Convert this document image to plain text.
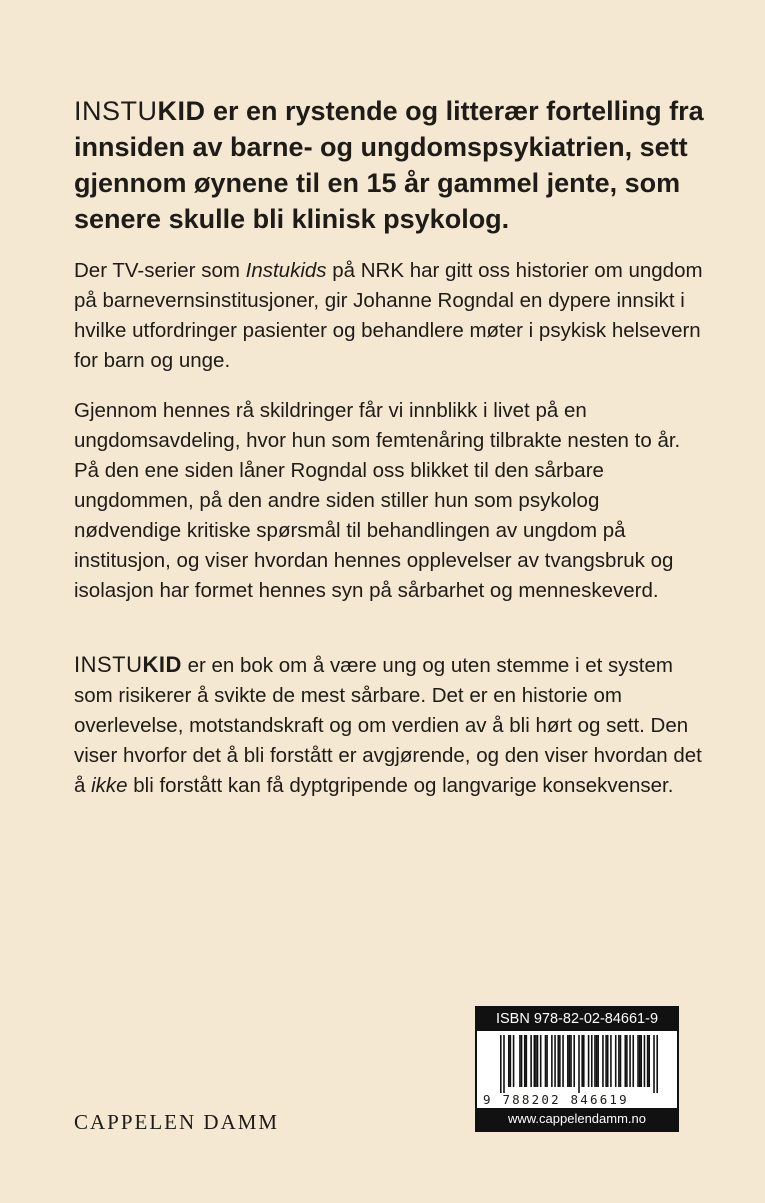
INSTUKID er en rystende og litterær fortelling fra innsiden av barne- og ungdomspsykiatrien, sett gjennom øynene til en 15 år gammel jente, som senere skulle bli klinisk psykolog.

Der TV-serier som Instukids på NRK har gitt oss historier om ungdom på barnevernsinstitusjoner, gir Johanne Rogndal en dypere innsikt i hvilke utfordringer pasienter og behandlere møter i psykisk helsevern for barn og unge.

Gjennom hennes rå skildringer får vi innblikk i livet på en ungdomsavdeling, hvor hun som femtenåring tilbrakte nesten to år. På den ene siden låner Rogndal oss blikket til den sårbare ungdommen, på den andre siden stiller hun som psykolog nødvendige kritiske spørsmål til behandlingen av ungdom på institusjon, og viser hvordan hennes opplevelser av tvangsbruk og isolasjon har formet hennes syn på sårbarhet og menneskeverd.

INSTUKID er en bok om å være ung og uten stemme i et system som risikerer å svikte de mest sårbare. Det er en historie om overlevelse, motstandskraft og om verdien av å bli hørt og sett. Den viser hvorfor det å bli forstått er avgjørende, og den viser hvordan det å ikke bli forstått kan få dyptgripende og langvarige konsekvenser.

ISBN 978-82-02-84661-9
9 788202 846619
www.cappelendamm.no
CAPPELEN DAMM
